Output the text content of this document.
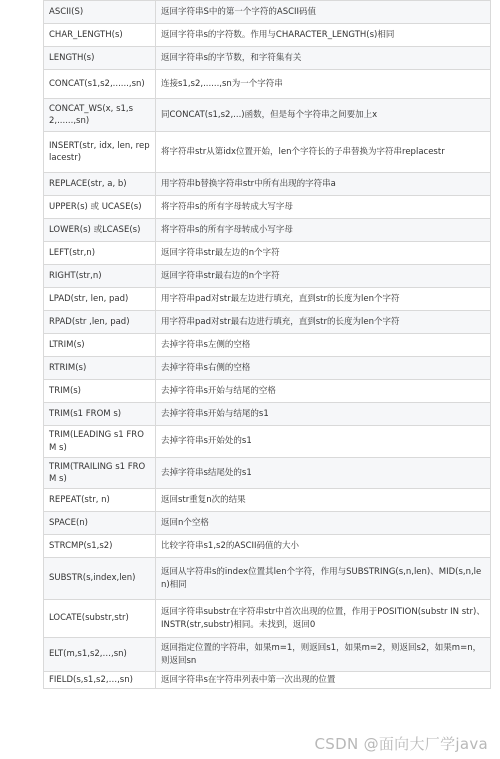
ASCII(S)	返回字符串S中的第一个字符的ASCII码值
CHAR_LENGTH(s)	返回字符串s的字符数。作用与CHARACTER_LENGTH(s)相同
LENGTH(s)	返回字符串s的字节数，和字符集有关
CONCAT(s1,s2,......,sn)	连接s1,s2,......,sn为一个字符串
CONCAT_WS(x, s1,s2,......,sn)	同CONCAT(s1,s2,...)函数，但是每个字符串之间要加上x
INSERT(str, idx, len, replacestr)	将字符串str从第idx位置开始，len个字符长的子串替换为字符串replacestr
REPLACE(str, a, b)	用字符串b替换字符串str中所有出现的字符串a
UPPER(s) 或 UCASE(s)	将字符串s的所有字母转成大写字母
LOWER(s) 或LCASE(s)	将字符串s的所有字母转成小写字母
LEFT(str,n)	返回字符串str最左边的n个字符
RIGHT(str,n)	返回字符串str最右边的n个字符
LPAD(str, len, pad)	用字符串pad对str最左边进行填充，直到str的长度为len个字符
RPAD(str ,len, pad)	用字符串pad对str最右边进行填充，直到str的长度为len个字符
LTRIM(s)	去掉字符串s左侧的空格
RTRIM(s)	去掉字符串s右侧的空格
TRIM(s)	去掉字符串s开始与结尾的空格
TRIM(s1 FROM s)	去掉字符串s开始与结尾的s1
TRIM(LEADING s1 FROM s)	去掉字符串s开始处的s1
TRIM(TRAILING s1 FROM s)	去掉字符串s结尾处的s1
REPEAT(str, n)	返回str重复n次的结果
SPACE(n)	返回n个空格
STRCMP(s1,s2)	比较字符串s1,s2的ASCII码值的大小
SUBSTR(s,index,len)	返回从字符串s的index位置其len个字符，作用与SUBSTRING(s,n,len)、MID(s,n,len)相同
LOCATE(substr,str)	返回字符串substr在字符串str中首次出现的位置，作用于POSITION(substr IN str)、INSTR(str,substr)相同。未找到，返回0
ELT(m,s1,s2,…,sn)	返回指定位置的字符串，如果m=1，则返回s1，如果m=2，则返回s2，如果m=n，则返回sn
FIELD(s,s1,s2,…,sn)	返回字符串s在字符串列表中第一次出现的位置
CSDN @面向大厂学java
